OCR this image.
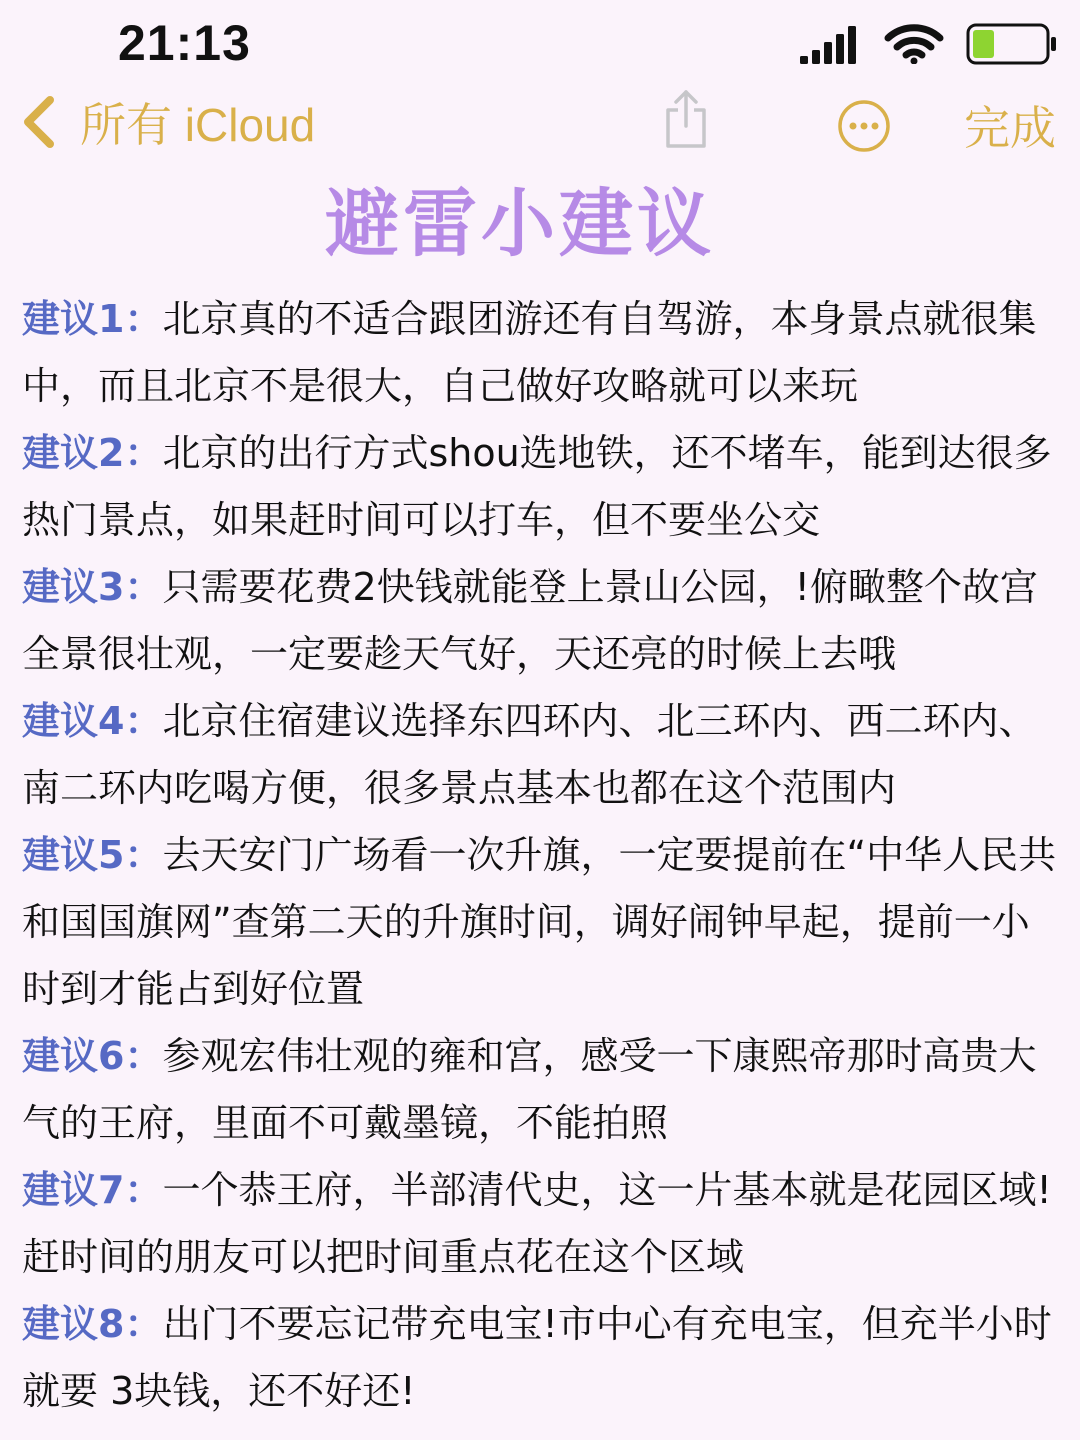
21:13
所有 iCloud	完成
避雷小建议

建议1：北京真的不适合跟团游还有自驾游，本身景点就很集中，而且北京不是很大，自己做好攻略就可以来玩

建议2：北京的出行方式shou选地铁，还不堵车，能到达很多热门景点，如果赶时间可以打车，但不要坐公交

建议3：只需要花费2快钱就能登上景山公园，!俯瞰整个故宫全景很壮观，一定要趁天气好，天还亮的时候上去哦

建议4：北京住宿建议选择东四环内、北三环内、西二环内、南二环内吃喝方便，很多景点基本也都在这个范围内

建议5：去天安门广场看一次升旗，一定要提前在“中华人民共和国国旗网”查第二天的升旗时间，调好闹钟早起，提前一小时到才能占到好位置

建议6：参观宏伟壮观的雍和宫，感受一下康熙帝那时高贵大气的王府，里面不可戴墨镜，不能拍照

建议7：一个恭王府，半部清代史，这一片基本就是花园区域!赶时间的朋友可以把时间重点花在这个区域

建议8：出门不要忘记带充电宝!市中心有充电宝，但充半小时就要 3块钱，还不好还!
